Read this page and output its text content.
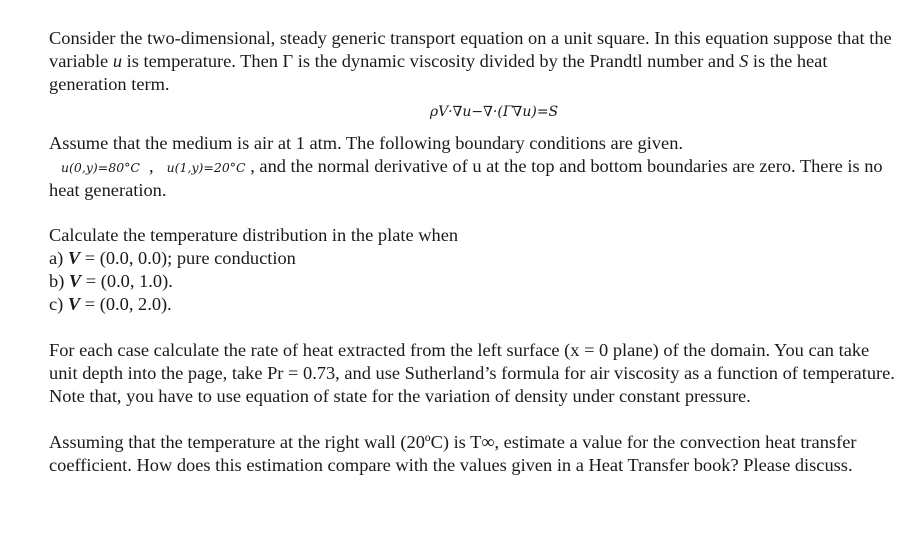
Consider the two-dimensional, steady generic transport equation on a unit square. In this equation suppose that the variable u is temperature. Then Γ is the dynamic viscosity divided by the Prandtl number and S is the heat generation term.

ρV·∇u−∇·(Γ∇u)=S

Assume that the medium is air at 1 atm. The following boundary conditions are given.
u(0,y)=80°C , u(1,y)=20°C , and the normal derivative of u at the top and bottom boundaries are zero. There is no heat generation.

Calculate the temperature distribution in the plate when

a) V = (0.0, 0.0); pure conduction

b) V = (0.0, 1.0).

c) V = (0.0, 2.0).

For each case calculate the rate of heat extracted from the left surface (x = 0 plane) of the domain. You can take unit depth into the page, take Pr = 0.73, and use Sutherland’s formula for air viscosity as a function of temperature. Note that, you have to use equation of state for the variation of density under constant pressure.

Assuming that the temperature at the right wall (20ºC) is T∞, estimate a value for the convection heat transfer coefficient. How does this estimation compare with the values given in a Heat Transfer book? Please discuss.
